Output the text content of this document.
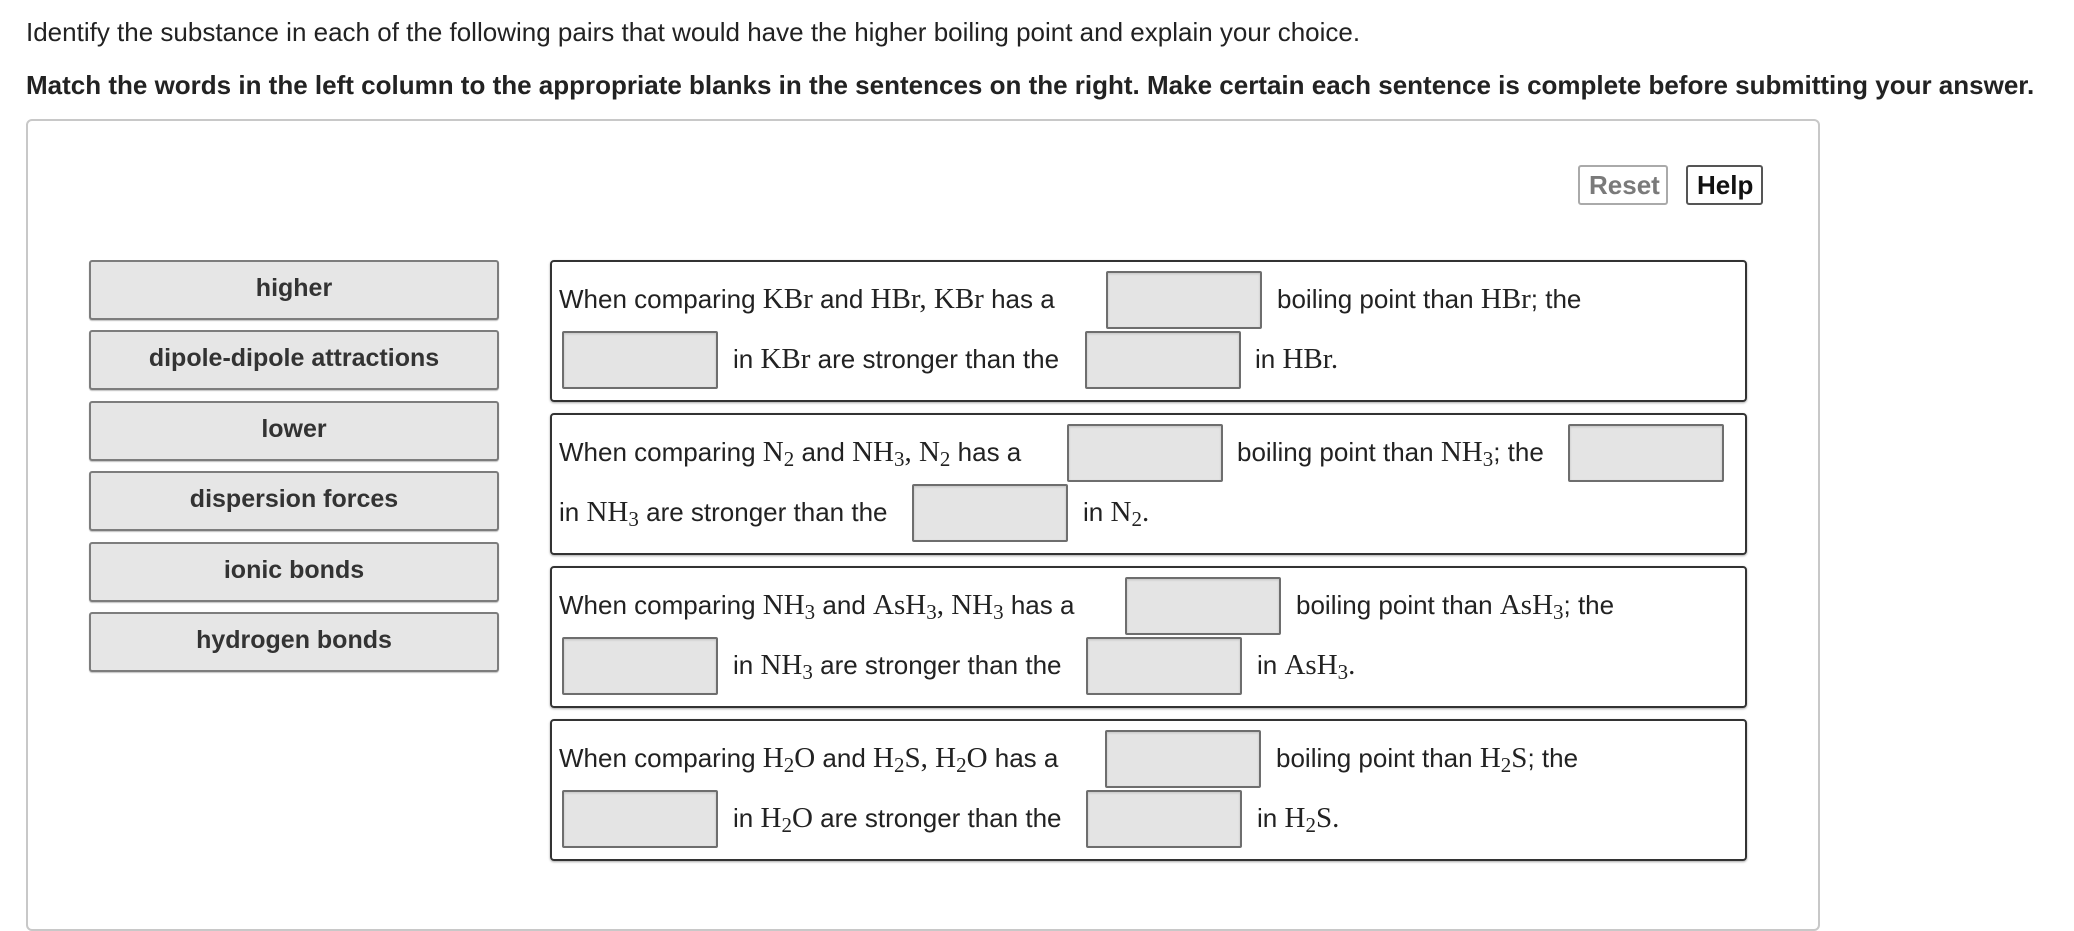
Identify the substance in each of the following pairs that would have the higher boiling point and explain your choice.
Match the words in the left column to the appropriate blanks in the sentences on the right. Make certain each sentence is complete before submitting your answer.
Reset	Help
higher
dipole-dipole attractions
lower
dispersion forces
ionic bonds
hydrogen bonds
When comparing KBr and HBr, KBr has a	boiling point than HBr; the
in KBr are stronger than the	in HBr.
When comparing $N_2$ and $NH_3$, $N_2$ has a	boiling point than $NH_3$; the
in $NH_3$ are stronger than the	in $N_2$.
When comparing $NH_3$ and AsH$_3$, $NH_3$ has a	boiling point than AsH$_3$; the
in $NH_3$ are stronger than the	in AsH$_3$.
When comparing $H_2O$ and $H_2S$, $H_2O$ has a	boiling point than $H_2S$; the
in $H_2O$ are stronger than the	in $H_2S$.
